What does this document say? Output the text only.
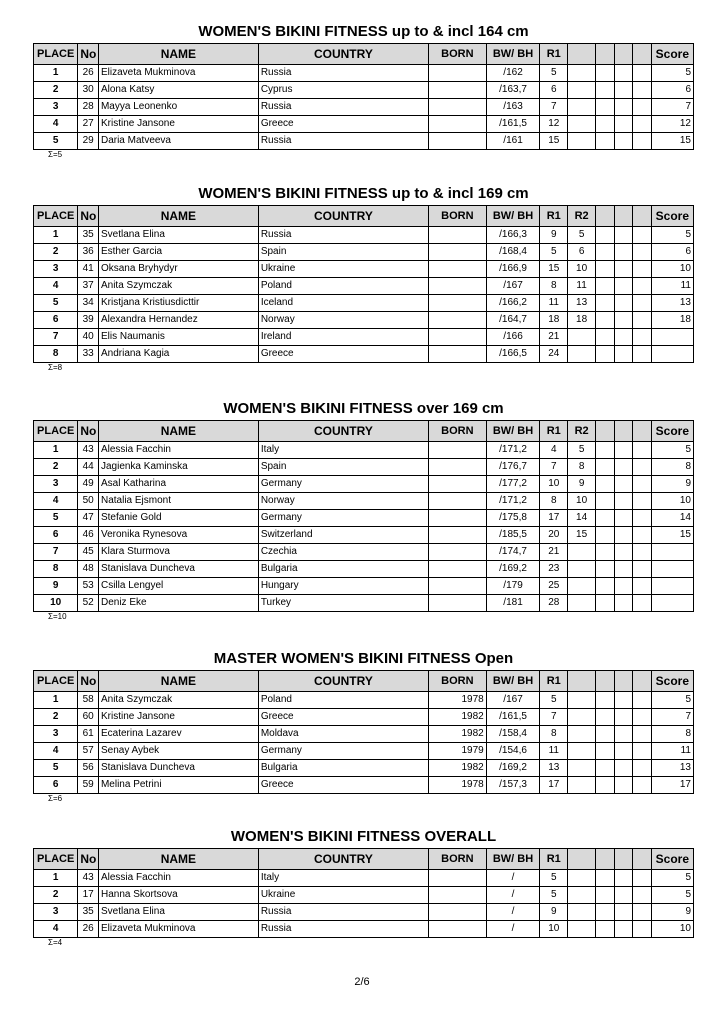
WOMEN'S BIKINI FITNESS up to & incl 164 cm
PLACE	No	NAME	COUNTRY	BORN	BW/ BH	R1					Score
1	26	Elizaveta Mukminova	Russia		/162	5					5
2	30	Alona Katsy	Cyprus		/163,7	6					6
3	28	Mayya Leonenko	Russia		/163	7					7
4	27	Kristine Jansone	Greece		/161,5	12					12
5	29	Daria Matveeva	Russia		/161	15					15
Σ=5
WOMEN'S BIKINI FITNESS up to & incl 169 cm
PLACE	No	NAME	COUNTRY	BORN	BW/ BH	R1	R2				Score
1	35	Svetlana Elina	Russia		/166,3	9	5				5
2	36	Esther Garcia	Spain		/168,4	5	6				6
3	41	Oksana Bryhydyr	Ukraine		/166,9	15	10				10
4	37	Anita Szymczak	Poland		/167	8	11				11
5	34	Kristjana Kristiusdicttir	Iceland		/166,2	11	13				13
6	39	Alexandra Hernandez	Norway		/164,7	18	18				18
7	40	Elis Naumanis	Ireland		/166	21					
8	33	Andriana Kagia	Greece		/166,5	24					
Σ=8
WOMEN'S BIKINI FITNESS over 169 cm
PLACE	No	NAME	COUNTRY	BORN	BW/ BH	R1	R2				Score
1	43	Alessia Facchin	Italy		/171,2	4	5				5
2	44	Jagienka Kaminska	Spain		/176,7	7	8				8
3	49	Asal Katharina	Germany		/177,2	10	9				9
4	50	Natalia Ejsmont	Norway		/171,2	8	10				10
5	47	Stefanie Gold	Germany		/175,8	17	14				14
6	46	Veronika Rynesova	Switzerland		/185,5	20	15				15
7	45	Klara Sturmova	Czechia		/174,7	21					
8	48	Stanislava Duncheva	Bulgaria		/169,2	23					
9	53	Csilla Lengyel	Hungary		/179	25					
10	52	Deniz Eke	Turkey		/181	28					
Σ=10
MASTER WOMEN'S BIKINI FITNESS Open
PLACE	No	NAME	COUNTRY	BORN	BW/ BH	R1					Score
1	58	Anita Szymczak	Poland	1978	/167	5					5
2	60	Kristine Jansone	Greece	1982	/161,5	7					7
3	61	Ecaterina Lazarev	Moldava	1982	/158,4	8					8
4	57	Senay Aybek	Germany	1979	/154,6	11					11
5	56	Stanislava Duncheva	Bulgaria	1982	/169,2	13					13
6	59	Melina Petrini	Greece	1978	/157,3	17					17
Σ=6
WOMEN'S BIKINI FITNESS OVERALL
PLACE	No	NAME	COUNTRY	BORN	BW/ BH	R1					Score
1	43	Alessia Facchin	Italy		/	5					5
2	17	Hanna Skortsova	Ukraine		/	5					5
3	35	Svetlana Elina	Russia		/	9					9
4	26	Elizaveta Mukminova	Russia		/	10					10
Σ=4
2/6
